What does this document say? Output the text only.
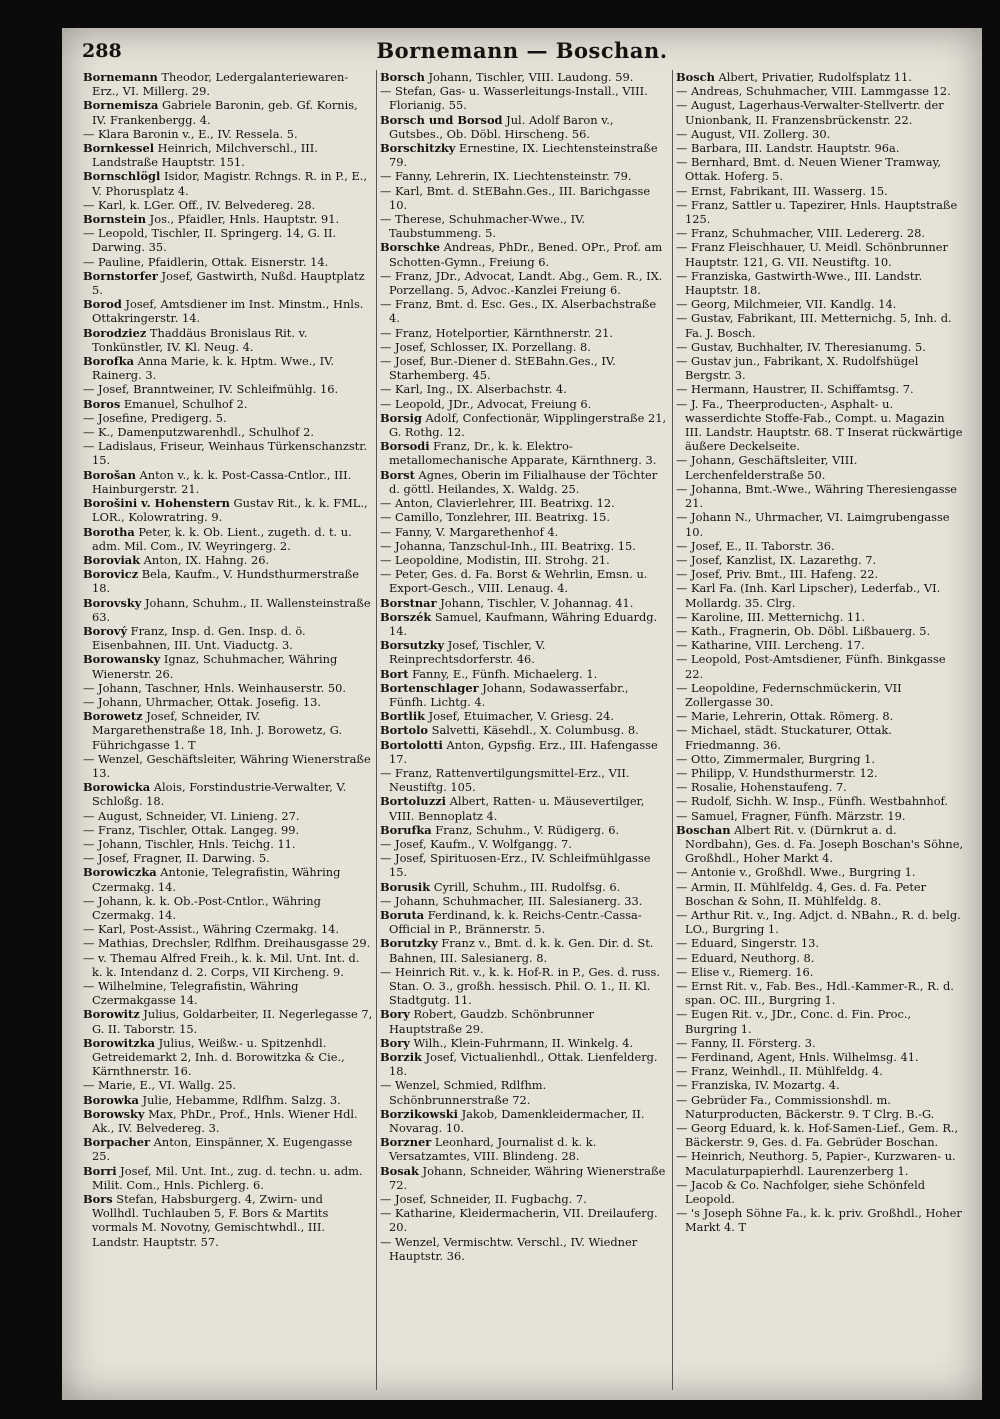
288	Bornemann — Boschan.

Bornemann Theodor, Ledergalanteriewaren-Erz., VI. Millerg. 29.

Bornemisza Gabriele Baronin, geb. Gf. Kornis, IV. Frankenbergg. 4.

— Klara Baronin v., E., IV. Ressela. 5.

Bornkessel Heinrich, Milchverschl., III. Landstraße Hauptstr. 151.

Bornschlögl Isidor, Magistr. Rchngs. R. in P., E., V. Phorusplatz 4.

— Karl, k. LGer. Off., IV. Belvedereg. 28.

Bornstein Jos., Pfaidler, Hnls. Hauptstr. 91.

— Leopold, Tischler, II. Springerg. 14, G. II. Darwing. 35.

— Pauline, Pfaidlerin, Ottak. Eisnerstr. 14.

Bornstorfer Josef, Gastwirth, Nußd. Hauptplatz 5.

Borod Josef, Amtsdiener im Inst. Minstm., Hnls. Ottakringerstr. 14.

Borodziez Thaddäus Bronislaus Rit. v. Tonkünstler, IV. Kl. Neug. 4.

Borofka Anna Marie, k. k. Hptm. Wwe., IV. Rainerg. 3.

— Josef, Branntweiner, IV. Schleifmühlg. 16.

Boros Emanuel, Schulhof 2.

— Josefine, Predigerg. 5.

— K., Damenputzwarenhdl., Schulhof 2.

— Ladislaus, Friseur, Weinhaus Türkenschanzstr. 15.

Borošan Anton v., k. k. Post-Cassa-Cntlor., III. Hainburgerstr. 21.

Borošini v. Hohenstern Gustav Rit., k. k. FML., LOR., Kolowratring. 9.

Borotha Peter, k. k. Ob. Lient., zugeth. d. t. u. adm. Mil. Com., IV. Weyringerg. 2.

Boroviak Anton, IX. Hahng. 26.

Borovicz Bela, Kaufm., V. Hundsthurmerstraße 18.

Borovsky Johann, Schuhm., II. Wallensteinstraße 63.

Borový Franz, Insp. d. Gen. Insp. d. ö. Eisenbahnen, III. Unt. Viaductg. 3.

Borowansky Ignaz, Schuhmacher, Währing Wienerstr. 26.

— Johann, Taschner, Hnls. Weinhauserstr. 50.

— Johann, Uhrmacher, Ottak. Josefig. 13.

Borowetz Josef, Schneider, IV. Margarethenstraße 18, Inh. J. Borowetz, G. Führichgasse 1. T

— Wenzel, Geschäftsleiter, Währing Wienerstraße 13.

Borowicka Alois, Forstindustrie-Verwalter, V. Schloßg. 18.

— August, Schneider, VI. Linieng. 27.

— Franz, Tischler, Ottak. Langeg. 99.

— Johann, Tischler, Hnls. Teichg. 11.

— Josef, Fragner, II. Darwing. 5.

Borowiczka Antonie, Telegrafistin, Währing Czermakg. 14.

— Johann, k. k. Ob.-Post-Cntlor., Währing Czermakg. 14.

— Karl, Post-Assist., Währing Czermakg. 14.

— Mathias, Drechsler, Rdlfhm. Dreihausgasse 29.

— v. Themau Alfred Freih., k. k. Mil. Unt. Int. d. k. k. Intendanz d. 2. Corps, VII Kircheng. 9.

— Wilhelmine, Telegrafistin, Währing Czermakgasse 14.

Borowitz Julius, Goldarbeiter, II. Negerlegasse 7, G. II. Taborstr. 15.

Borowitzka Julius, Weißw.- u. Spitzenhdl. Getreidemarkt 2, Inh. d. Borowitzka & Cie., Kärnthnerstr. 16.

— Marie, E., VI. Wallg. 25.

Borowka Julie, Hebamme, Rdlfhm. Salzg. 3.

Borowsky Max, PhDr., Prof., Hnls. Wiener Hdl. Ak., IV. Belvedereg. 3.

Borpacher Anton, Einspänner, X. Eugengasse 25.

Borri Josef, Mil. Unt. Int., zug. d. techn. u. adm. Milit. Com., Hnls. Pichlerg. 6.

Bors Stefan, Habsburgerg. 4, Zwirn- und Wollhdl. Tuchlauben 5, F. Bors & Martits vormals M. Novotny, Gemischtwhdl., III. Landstr. Hauptstr. 57.

Borsch Johann, Tischler, VIII. Laudong. 59.

— Stefan, Gas- u. Wasserleitungs-Install., VIII. Florianig. 55.

Borsch und Borsod Jul. Adolf Baron v., Gutsbes., Ob. Döbl. Hirscheng. 56.

Borschitzky Ernestine, IX. Liechtensteinstraße 79.

— Fanny, Lehrerin, IX. Liechtensteinstr. 79.

— Karl, Bmt. d. StEBahn.Ges., III. Barichgasse 10.

— Therese, Schuhmacher-Wwe., IV. Taubstummeng. 5.

Borschke Andreas, PhDr., Bened. OPr., Prof. am Schotten-Gymn., Freiung 6.

— Franz, JDr., Advocat, Landt. Abg., Gem. R., IX. Porzellang. 5, Advoc.-Kanzlei Freiung 6.

— Franz, Bmt. d. Esc. Ges., IX. Alserbachstraße 4.

— Franz, Hotelportier, Kärnthnerstr. 21.

— Josef, Schlosser, IX. Porzellang. 8.

— Josef, Bur.-Diener d. StEBahn.Ges., IV. Starhemberg. 45.

— Karl, Ing., IX. Alserbachstr. 4.

— Leopold, JDr., Advocat, Freiung 6.

Borsig Adolf, Confectionär, Wipplingerstraße 21, G. Rothg. 12.

Borsodi Franz, Dr., k. k. Elektro-metallomechanische Apparate, Kärnthnerg. 3.

Borst Agnes, Oberin im Filialhause der Töchter d. göttl. Heilandes, X. Waldg. 25.

— Anton, Clavierlehrer, III. Beatrixg. 12.

— Camillo, Tonzlehrer, III. Beatrixg. 15.

— Fanny, V. Margarethenhof 4.

— Johanna, Tanzschul-Inh., III. Beatrixg. 15.

— Leopoldine, Modistin, III. Strohg. 21.

— Peter, Ges. d. Fa. Borst & Wehrlin, Emsn. u. Export-Gesch., VIII. Lenaug. 4.

Borstnar Johann, Tischler, V. Johannag. 41.

Borszék Samuel, Kaufmann, Währing Eduardg. 14.

Borsutzky Josef, Tischler, V. Reinprechtsdorferstr. 46.

Bort Fanny, E., Fünfh. Michaelerg. 1.

Bortenschlager Johann, Sodawasserfabr., Fünfh. Lichtg. 4.

Bortlik Josef, Etuimacher, V. Griesg. 24.

Bortolo Salvetti, Käsehdl., X. Columbusg. 8.

Bortolotti Anton, Gypsfig. Erz., III. Hafengasse 17.

— Franz, Rattenvertilgungsmittel-Erz., VII. Neustiftg. 105.

Bortoluzzi Albert, Ratten- u. Mäusevertilger, VIII. Bennoplatz 4.

Borufka Franz, Schuhm., V. Rüdigerg. 6.

— Josef, Kaufm., V. Wolfgangg. 7.

— Josef, Spirituosen-Erz., IV. Schleifmühlgasse 15.

Borusik Cyrill, Schuhm., III. Rudolfsg. 6.

— Johann, Schuhmacher, III. Salesianerg. 33.

Boruta Ferdinand, k. k. Reichs-Centr.-Cassa-Official in P., Brännerstr. 5.

Borutzky Franz v., Bmt. d. k. k. Gen. Dir. d. St. Bahnen, III. Salesianerg. 8.

— Heinrich Rit. v., k. k. Hof-R. in P., Ges. d. russ. Stan. O. 3., großh. hessisch. Phil. O. 1., II. Kl. Stadtgutg. 11.

Bory Robert, Gaudzb. Schönbrunner Hauptstraße 29.

Bory Wilh., Klein-Fuhrmann, II. Winkelg. 4.

Borzik Josef, Victualienhdl., Ottak. Lienfelderg. 18.

— Wenzel, Schmied, Rdlfhm. Schönbrunnerstraße 72.

Borzikowski Jakob, Damenkleidermacher, II. Novarag. 10.

Borzner Leonhard, Journalist d. k. k. Versatzamtes, VIII. Blindeng. 28.

Bosak Johann, Schneider, Währing Wienerstraße 72.

— Josef, Schneider, II. Fugbachg. 7.

— Katharine, Kleidermacherin, VII. Dreilauferg. 20.

— Wenzel, Vermischtw. Verschl., IV. Wiedner Hauptstr. 36.

Bosch Albert, Privatier, Rudolfsplatz 11.

— Andreas, Schuhmacher, VIII. Lammgasse 12.

— August, Lagerhaus-Verwalter-Stellvertr. der Unionbank, II. Franzensbrückenstr. 22.

— August, VII. Zollerg. 30.

— Barbara, III. Landstr. Hauptstr. 96a.

— Bernhard, Bmt. d. Neuen Wiener Tramway, Ottak. Hoferg. 5.

— Ernst, Fabrikant, III. Wasserg. 15.

— Franz, Sattler u. Tapezirer, Hnls. Hauptstraße 125.

— Franz, Schuhmacher, VIII. Ledererg. 28.

— Franz Fleischhauer, U. Meidl. Schönbrunner Hauptstr. 121, G. VII. Neustiftg. 10.

— Franziska, Gastwirth-Wwe., III. Landstr. Hauptstr. 18.

— Georg, Milchmeier, VII. Kandlg. 14.

— Gustav, Fabrikant, III. Metternichg. 5, Inh. d. Fa. J. Bosch.

— Gustav, Buchhalter, IV. Theresianumg. 5.

— Gustav jun., Fabrikant, X. Rudolfshügel Bergstr. 3.

— Hermann, Haustrer, II. Schiffamtsg. 7.

— J. Fa., Theerproducten-, Asphalt- u. wasserdichte Stoffe-Fab., Compt. u. Magazin III. Landstr. Hauptstr. 68. T Inserat rückwärtige äußere Deckelseite.

— Johann, Geschäftsleiter, VIII. Lerchenfelderstraße 50.

— Johanna, Bmt.-Wwe., Währing Theresiengasse 21.

— Johann N., Uhrmacher, VI. Laimgrubengasse 10.

— Josef, E., II. Taborstr. 36.

— Josef, Kanzlist, IX. Lazarethg. 7.

— Josef, Priv. Bmt., III. Hafeng. 22.

— Karl Fa. (Inh. Karl Lipscher), Lederfab., VI. Mollardg. 35. Clrg.

— Karoline, III. Metternichg. 11.

— Kath., Fragnerin, Ob. Döbl. Lißbauerg. 5.

— Katharine, VIII. Lercheng. 17.

— Leopold, Post-Amtsdiener, Fünfh. Binkgasse 22.

— Leopoldine, Federnschmückerin, VII Zollergasse 30.

— Marie, Lehrerin, Ottak. Römerg. 8.

— Michael, städt. Stuckaturer, Ottak. Friedmanng. 36.

— Otto, Zimmermaler, Burgring 1.

— Philipp, V. Hundsthurmerstr. 12.

— Rosalie, Hohenstaufeng. 7.

— Rudolf, Sichh. W. Insp., Fünfh. Westbahnhof.

— Samuel, Fragner, Fünfh. Märzstr. 19.

Boschan Albert Rit. v. (Dürnkrut a. d. Nordbahn), Ges. d. Fa. Joseph Boschan's Söhne, Großhdl., Hoher Markt 4.

— Antonie v., Großhdl. Wwe., Burgring 1.

— Armin, II. Mühlfeldg. 4, Ges. d. Fa. Peter Boschan & Sohn, II. Mühlfeldg. 8.

— Arthur Rit. v., Ing. Adjct. d. NBahn., R. d. belg. LO., Burgring 1.

— Eduard, Singerstr. 13.

— Eduard, Neuthorg. 8.

— Elise v., Riemerg. 16.

— Ernst Rit. v., Fab. Bes., Hdl.-Kammer-R., R. d. span. OC. III., Burgring 1.

— Eugen Rit. v., JDr., Conc. d. Fin. Proc., Burgring 1.

— Fanny, II. Försterg. 3.

— Ferdinand, Agent, Hnls. Wilhelmsg. 41.

— Franz, Weinhdl., II. Mühlfeldg. 4.

— Franziska, IV. Mozartg. 4.

— Gebrüder Fa., Commissionshdl. m. Naturproducten, Bäckerstr. 9. T Clrg. B.-G.

— Georg Eduard, k. k. Hof-Samen-Lief., Gem. R., Bäckerstr. 9, Ges. d. Fa. Gebrüder Boschan.

— Heinrich, Neuthorg. 5, Papier-, Kurzwaren- u. Maculaturpapierhdl. Laurenzerberg 1.

— Jacob & Co. Nachfolger, siehe Schönfeld Leopold.

— 's Joseph Söhne Fa., k. k. priv. Großhdl., Hoher Markt 4. T
